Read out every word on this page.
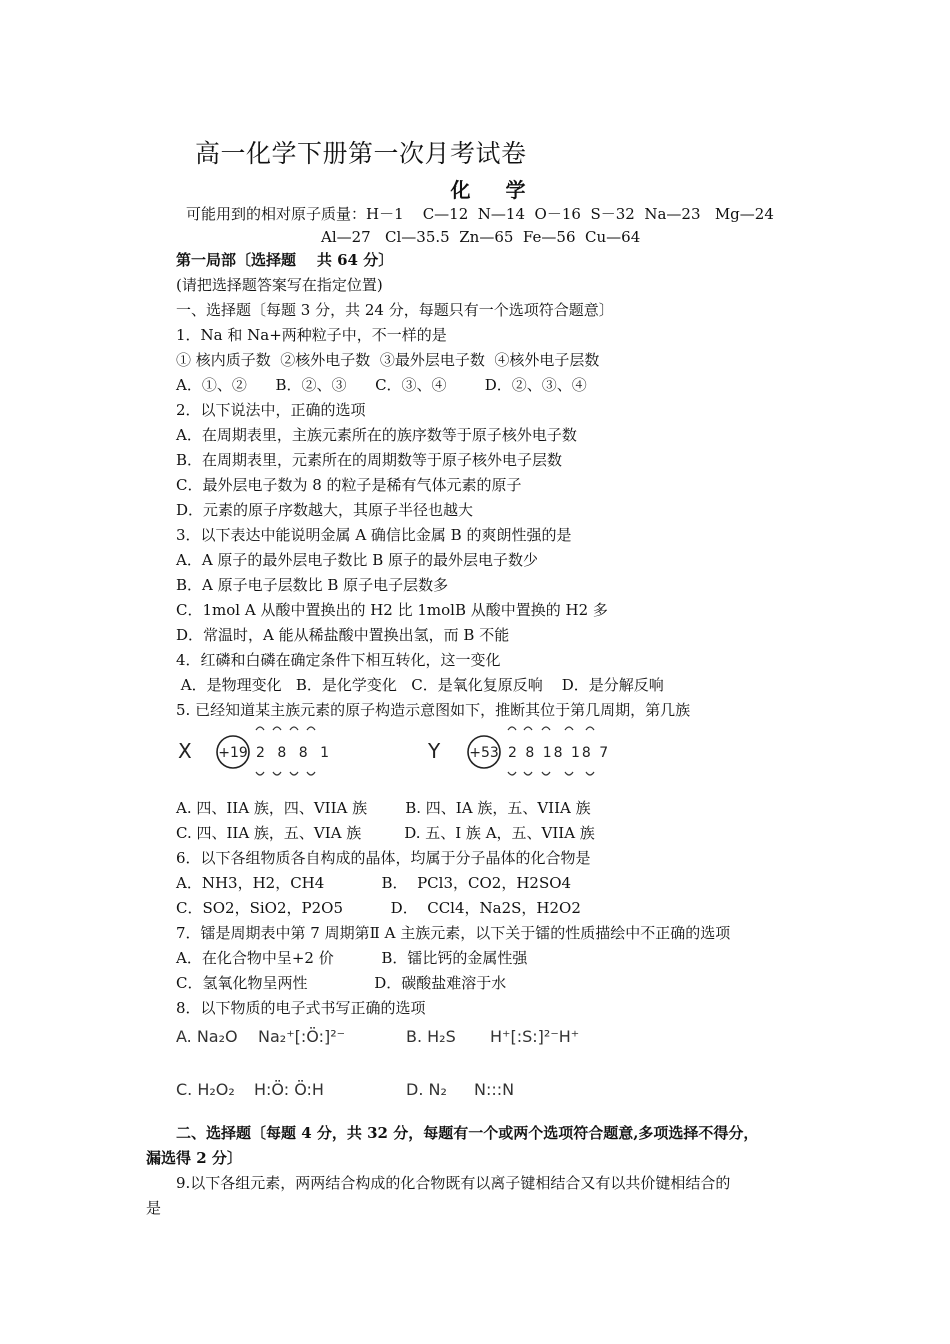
高一化学下册第一次月考试卷
化 学
可能用到的相对原子质量：H－1    C—12  N—14  O－16  S－32  Na—23   Mg—24
Al—27   Cl—35.5  Zn—65  Fe—56  Cu—64
第一局部〔选择题    共 64 分〕
(请把选择题答案写在指定位置)
一、选择题〔每题 3 分，共 24 分，每题只有一个选项符合题意〕
1．Na 和 Na+两种粒子中，不一样的是
① 核内质子数  ②核外电子数  ③最外层电子数  ④核外电子层数
A．①、②      B．②、③      C．③、④        D．②、③、④
2．以下说法中，正确的选项
A．在周期表里，主族元素所在的族序数等于原子核外电子数
B．在周期表里，元素所在的周期数等于原子核外电子层数
C．最外层电子数为 8 的粒子是稀有气体元素的原子
D．元素的原子序数越大，其原子半径也越大
3．以下表达中能说明金属 A 确信比金属 B 的爽朗性强的是
A．A 原子的最外层电子数比 B 原子的最外层电子数少
B．A 原子电子层数比 B 原子电子层数多
C．1mol A 从酸中置换出的 H2 比 1molB 从酸中置换的 H2 多
D．常温时，A 能从稀盐酸中置换出氢，而 B 不能
4．红磷和白磷在确定条件下相互转化，这一变化
A．是物理变化   B．是化学变化   C．是氧化复原反响    D．是分解反响
5. 已经知道某主族元素的原子构造示意图如下，推断其位于第几周期，第几族
X +19 2 8 8 1	Y +53 2 8 18 18 7
A. 四、IIA 族，四、VIIA 族        B. 四、IA 族，五、VIIA 族
C. 四、IIA 族，五、VIA 族         D. 五、I 族 A，五、VIIA 族
6．以下各组物质各自构成的晶体，均属于分子晶体的化合物是
A．NH3，H2，CH4            B．  PCl3，CO2，H2SO4
C．SO2，SiO2，P2O5          D．  CCl4，Na2S，H2O2
7．镭是周期表中第 7 周期第Ⅱ A 主族元素，以下关于镭的性质描绘中不正确的选项
A．在化合物中呈+2 价          B．镭比钙的金属性强
C．氢氧化物呈两性              D．碳酸盐难溶于水
8．以下物质的电子式书写正确的选项
A. Na₂O Na₂⁺[:Ö:]²⁻	B. H₂S H⁺[:S:]²⁻H⁺
C. H₂O₂ H:Ö: Ö:H	D. N₂ N:::N
二、选择题〔每题 4 分，共 32 分，每题有一个或两个选项符合题意,多项选择不得分，
漏选得 2 分〕
9.以下各组元素，两两结合构成的化合物既有以离子键相结合又有以共价键相结合的
是
